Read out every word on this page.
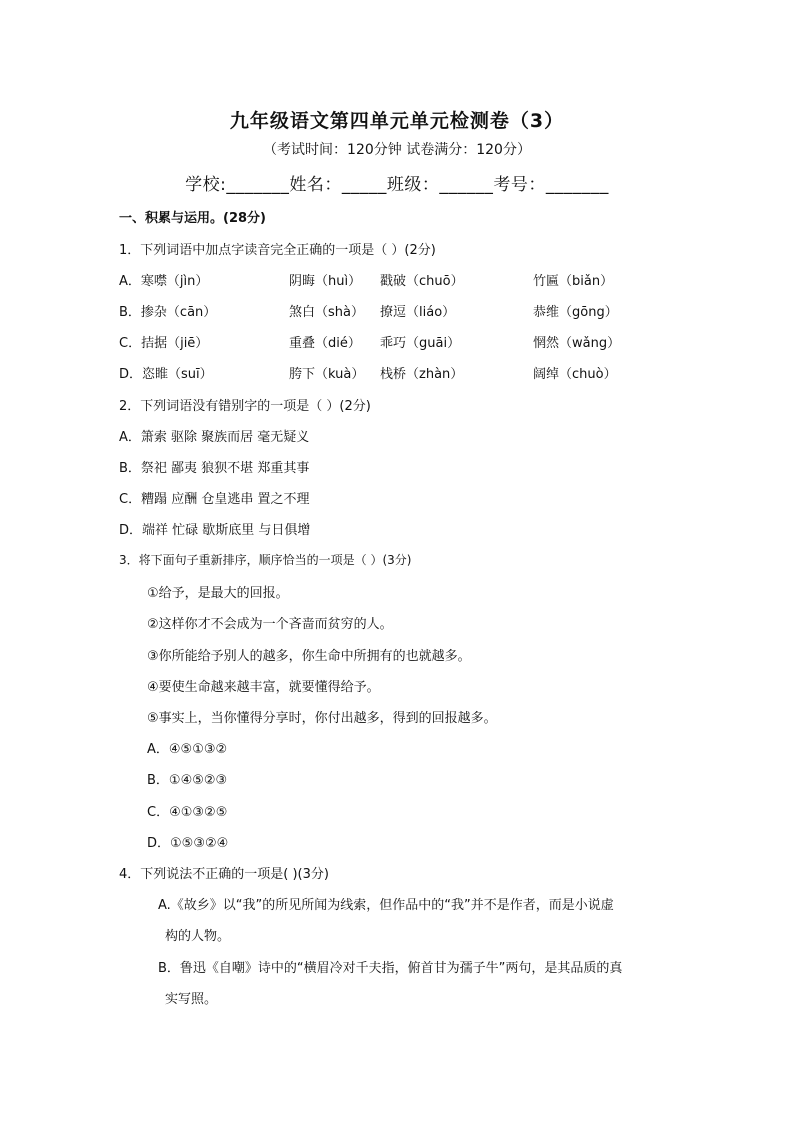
九年级语文第四单元单元检测卷（3）
（考试时间：120分钟 试卷满分：120分）
学校:_______姓名：_____班级：______考号：_______
一、积累与运用。(28分)
1．下列词语中加点字读音完全正确的一项是（ ）(2分)
A．寒噤（jìn）	阴晦（huì） 戳破（chuō）	竹匾（biǎn）
B．掺杂（cān）	煞白（shà） 撩逗（liáo）	恭维（gōng）
C．拮据（jiē）	重叠（dié） 乖巧（guāi）	惘然（wǎng）
D．恣睢（suī）	胯下（kuà） 栈桥（zhàn）	阔绰（chuò）
2．下列词语没有错别字的一项是（ ）(2分)
A．箫索 驱除 聚族而居 毫无疑义
B．祭祀 鄙夷 狼狈不堪 郑重其事
C．糟蹋 应酬 仓皇逃串 置之不理
D．端祥 忙碌 歇斯底里 与日俱增
3．将下面句子重新排序，顺序恰当的一项是（ ）(3分)
①给予，是最大的回报。
②这样你才不会成为一个吝啬而贫穷的人。
③你所能给予别人的越多，你生命中所拥有的也就越多。
④要使生命越来越丰富，就要懂得给予。
⑤事实上，当你懂得分享时，你付出越多，得到的回报越多。
A．④⑤①③②
B．①④⑤②③
C．④①③②⑤
D．①⑤③②④
4．下列说法不正确的一项是( )(3分)
A.《故乡》以“我”的所见所闻为线索，但作品中的“我”并不是作者，而是小说虚
构的人物。
B．鲁迅《自嘲》诗中的“横眉冷对千夫指，俯首甘为孺子牛”两句，是其品质的真
实写照。
